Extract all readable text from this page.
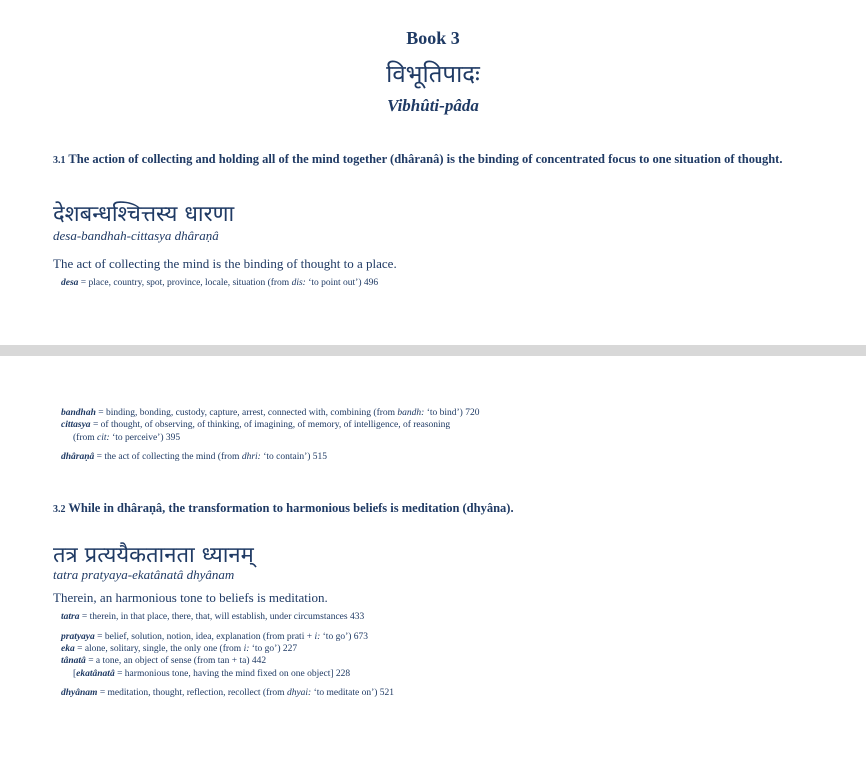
Book 3
विभूतिपादः
Vibhûti-pâda
3.1 The action of collecting and holding all of the mind together (dhâranâ) is the binding of concentrated focus to one situation of thought.
देशबन्धश्चित्तस्य धारणा
desa-bandhah-cittasya dhâraṇâ
The act of collecting the mind is the binding of thought to a place.
desa = place, country, spot, province, locale, situation (from dis: ‘to point out’) 496
bandhah = binding, bonding, custody, capture, arrest, connected with, combining (from bandh: ‘to bind’) 720
cittasya = of thought, of observing, of thinking, of imagining, of memory, of intelligence, of reasoning
(from cit: ‘to perceive’) 395
dhâraṇâ = the act of collecting the mind (from dhri: ‘to contain’) 515
3.2 While in dhâraṇâ, the transformation to harmonious beliefs is meditation (dhyâna).
तत्र प्रत्ययैकतानता ध्यानम्
tatra pratyaya-ekatânatâ dhyânam
Therein, an harmonious tone to beliefs is meditation.
tatra = therein, in that place, there, that, will establish, under circumstances 433
pratyaya = belief, solution, notion, idea, explanation (from prati + i: ‘to go’) 673
eka = alone, solitary, single, the only one (from i: ‘to go’) 227
tânatâ = a tone, an object of sense (from tan + ta) 442
[ekatânatâ = harmonious tone, having the mind fixed on one object] 228
dhyânam = meditation, thought, reflection, recollect (from dhyai: ‘to meditate on’) 521
